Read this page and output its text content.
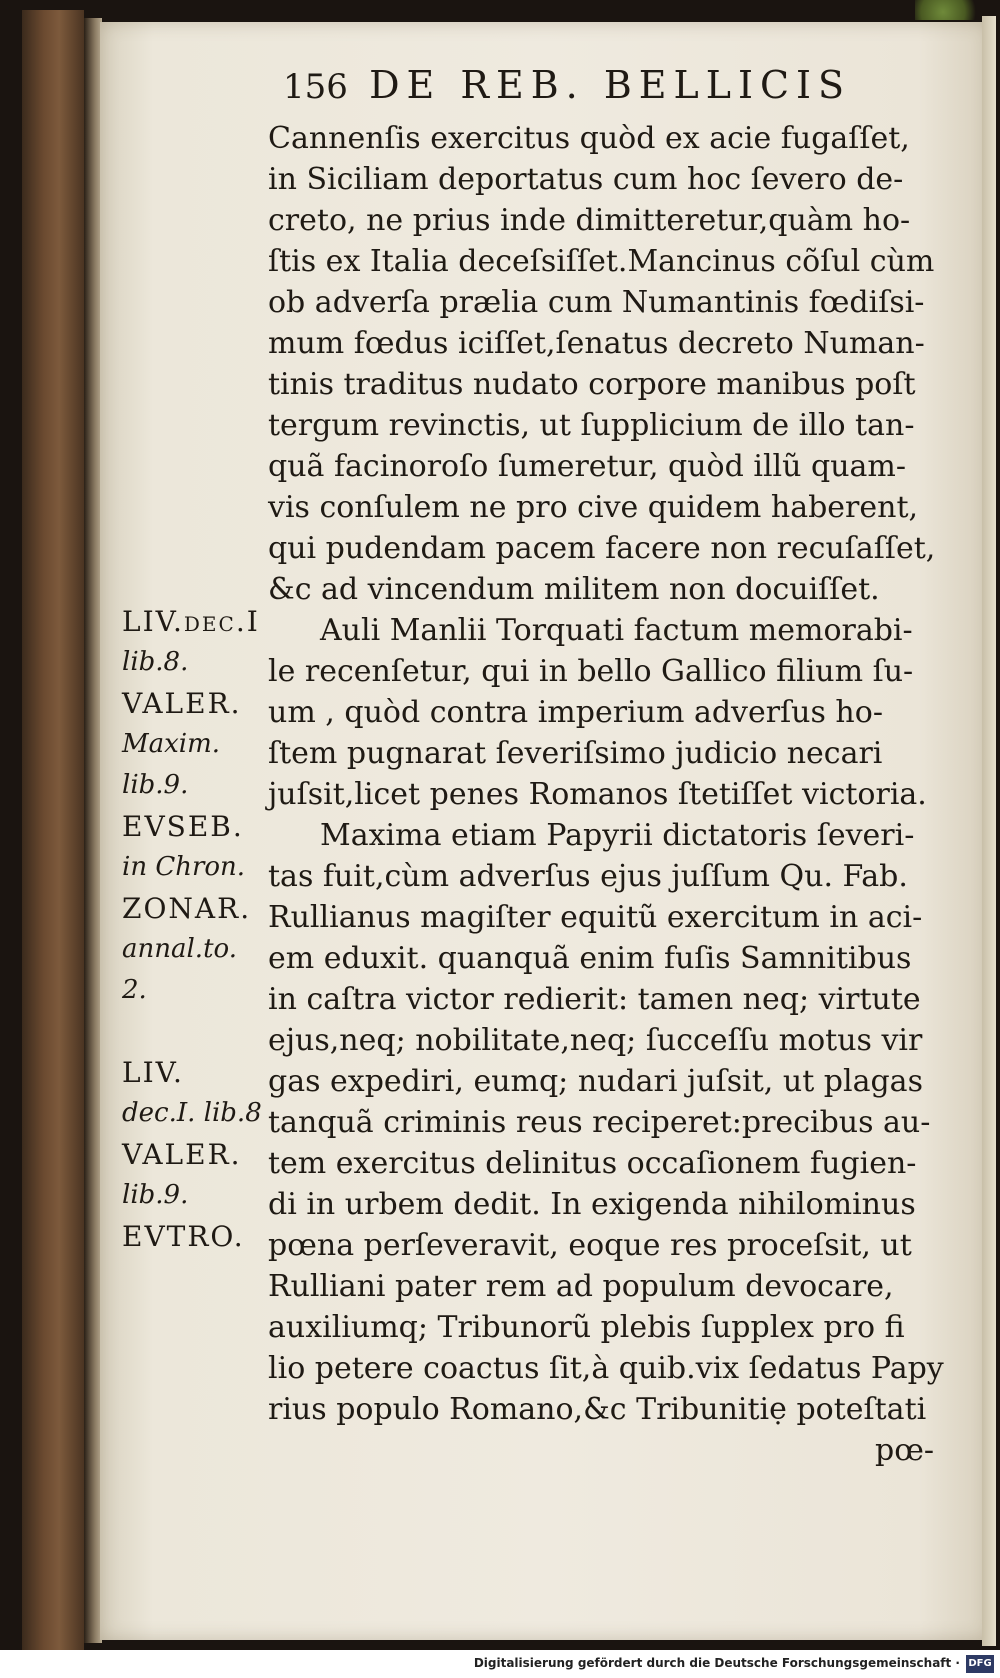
156 DE REB. BELLICIS
Cannenſis exercitus quòd ex acie fugaſſet,
in Siciliam deportatus cum hoc ſevero de-
creto, ne prius inde dimitteretur,quàm ho-
ſtis ex Italia deceſsiſſet.Mancinus cõſul cùm
ob adverſa prælia cum Numantinis fœdiſsi-
mum fœdus iciſſet,ſenatus decreto Numan-
tinis traditus nudato corpore manibus poſt
tergum revinctis, ut ſupplicium de illo tan-
quã facinoroſo ſumeretur, quòd illũ quam-
vis conſulem ne pro cive quidem haberent,
qui pudendam pacem facere non recuſaſſet,
&c ad vincendum militem non docuiſſet.
Auli Manlii Torquati factum memorabi-
le recenſetur, qui in bello Gallico filium ſu-
um , quòd contra imperium adverſus ho-
ſtem pugnarat ſeveriſsimo judicio necari
juſsit,licet penes Romanos ſtetiſſet victoria.
Maxima etiam Papyrii dictatoris ſeveri-
tas fuit,cùm adverſus ejus juſſum Qu. Fab.
Rullianus magiſter equitũ exercitum in aci-
em eduxit. quanquã enim fuſis Samnitibus
in caſtra victor redierit: tamen neq; virtute
ejus,neq; nobilitate,neq; ſucceſſu motus vir
gas expediri, eumq; nudari juſsit, ut plagas
tanquã criminis reus reciperet:precibus au-
tem exercitus delinitus occaſionem fugien-
di in urbem dedit. In exigenda nihilominus
pœna perſeveravit, eoque res proceſsit, ut
Rulliani pater rem ad populum devocare,
auxiliumq; Tribunorũ plebis ſupplex pro fi
lio petere coactus ſit,à quib.vix ſedatus Papy
rius populo Romano,&c Tribunitiẹ poteſtati
pœ-
LIV.dec.I
lib.8.
VALER.
Maxim.
lib.9.
EVSEB.
in Chron.
ZONAR.
annal.to.
2.
LIV.
dec.I. lib.8
VALER.
lib.9.
EVTRO.
Digitalisierung gefördert durch die Deutsche Forschungsgemeinschaft · DFG
